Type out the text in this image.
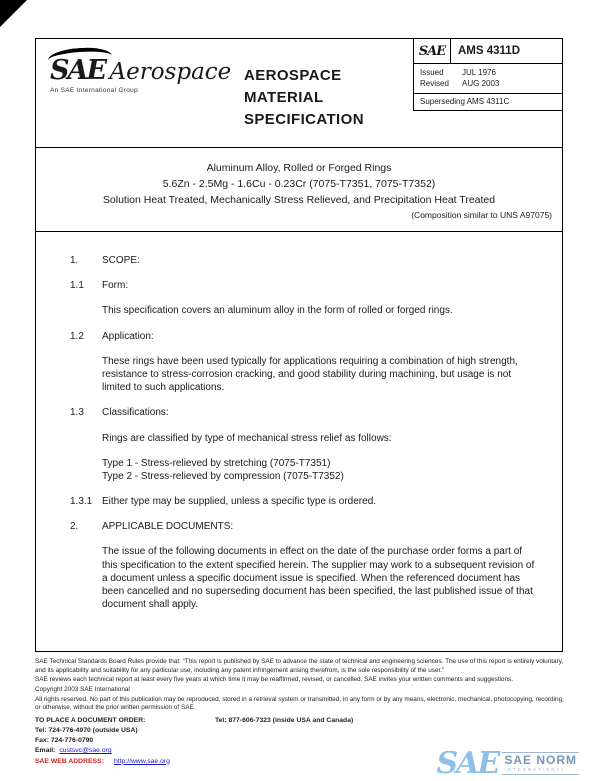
SAE Aerospace
An SAE International Group
AEROSPACE
MATERIAL
SPECIFICATION
SAE	AMS 4311D
Issued	JUL 1976
Revised	AUG 2003
Superseding AMS 4311C
Aluminum Alloy, Rolled or Forged Rings
5.6Zn - 2.5Mg - 1.6Cu - 0.23Cr (7075-T7351, 7075-T7352)
Solution Heat Treated, Mechanically Stress Relieved, and Precipitation Heat Treated
(Composition similar to UNS A97075)
1.	SCOPE:
1.1	Form:
This specification covers an aluminum alloy in the form of rolled or forged rings.
1.2	Application:
These rings have been used typically for applications requiring a combination of high strength, resistance to stress-corrosion cracking, and good stability during machining, but usage is not limited to such applications.
1.3	Classifications:
Rings are classified by type of mechanical stress relief as follows:
Type 1 - Stress-relieved by stretching (7075-T7351)
Type 2 - Stress-relieved by compression (7075-T7352)
1.3.1 Either type may be supplied, unless a specific type is ordered.
2.	APPLICABLE DOCUMENTS:
The issue of the following documents in effect on the date of the purchase order forms a part of this specification to the extent specified herein. The supplier may work to a subsequent revision of a document unless a specific document issue is specified. When the referenced document has been cancelled and no superseding document has been specified, the last published issue of that document shall apply.
SAE Technical Standards Board Rules provide that: “This report is published by SAE to advance the state of technical and engineering sciences. The use of this report is entirely voluntary, and its applicability and suitability for any particular use, including any patent infringement arising therefrom, is the sole responsibility of the user.”
SAE reviews each technical report at least every five years at which time it may be reaffirmed, revised, or cancelled. SAE invites your written comments and suggestions.
Copyright 2003 SAE International
All rights reserved. No part of this publication may be reproduced, stored in a retrieval system or transmitted, in any form or by any means, electronic, mechanical, photocopying, recording, or otherwise, without the prior written permission of SAE.
TO PLACE A DOCUMENT ORDER:	Tel: 877-606-7323 (inside USA and Canada)
Tel: 724-776-4970 (outside USA)
Fax: 724-776-0790
Email: custsvc@sae.org
SAE WEB ADDRESS:	http://www.sae.org	SAE SAE NORM
INTERNATIONAL
